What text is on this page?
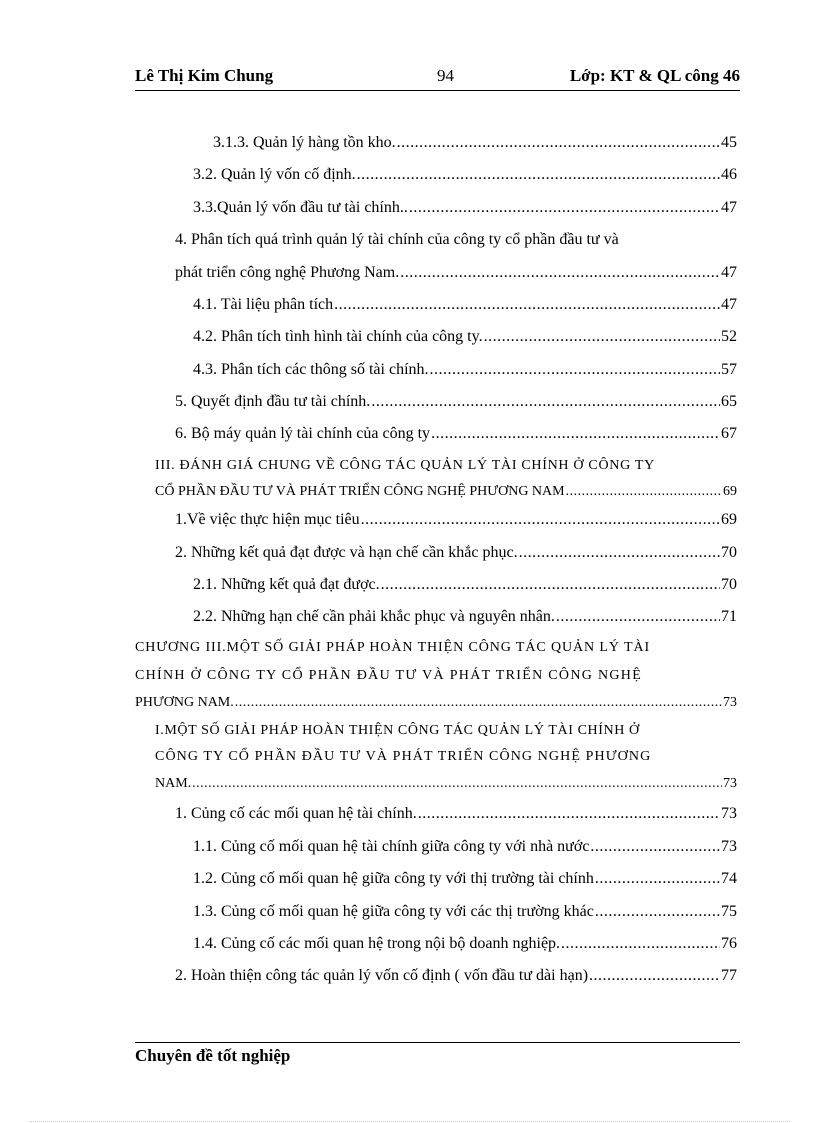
Lê Thị Kim Chung	94	Lớp: KT & QL công 46
3.1.3. Quản lý hàng tồn kho. .....	45
3.2. Quản lý vốn cố định. .....	46
3.3.Quản lý vốn đầu tư tài chính.. .....	47
4. Phân tích quá trình quản lý tài chính của công ty cổ phần đầu tư và
phát triển công nghệ Phương Nam. .....	47
4.1. Tài liệu phân tích .....	47
4.2. Phân tích tình hình tài chính của công ty. .....	52
4.3. Phân tích các thông số tài chính. .....	57
5. Quyết định đầu tư tài chính. .....	65
6. Bộ máy quản lý tài chính của công ty .....	67
III. ĐÁNH GIÁ CHUNG VỀ CÔNG TÁC QUẢN LÝ TÀI CHÍNH Ở CÔNG TY
CỔ PHẦN ĐẦU TƯ VÀ PHÁT TRIỂN CÔNG NGHỆ PHƯƠNG NAM .....	69
1.Về việc thực hiện mục tiêu .....	69
2. Những kết quả đạt được và hạn chế cần khắc phục. .....	70
2.1. Những kết quả đạt được. .....	70
2.2. Những hạn chế cần phải khắc phục và nguyên nhân. .....	71
CHƯƠNG III.MỘT SỐ GIẢI PHÁP HOÀN THIỆN CÔNG TÁC QUẢN LÝ TÀI
CHÍNH Ở CÔNG TY CỔ PHẦN ĐẦU TƯ VÀ PHÁT TRIỂN CÔNG NGHỆ
PHƯƠNG NAM. .....	73
I.MỘT SỐ GIẢI PHÁP HOÀN THIỆN CÔNG TÁC QUẢN LÝ TÀI CHÍNH Ở
CÔNG TY CỔ PHẦN ĐẦU TƯ VÀ PHÁT TRIỂN CÔNG NGHỆ PHƯƠNG
NAM. .....	73
1. Củng cố các mối quan hệ tài chính. .....	73
1.1. Củng cố mối quan hệ tài chính giữa công ty với nhà nước .....	73
1.2. Củng cố mối quan hệ giữa công ty với thị trường tài chính .....	74
1.3. Củng cố mối quan hệ giữa công ty với các thị trường khác .....	75
1.4. Củng cố các mối quan hệ trong nội bộ doanh nghiệp. .....	76
2. Hoàn thiện công tác quản lý vốn cố định ( vốn đầu tư dài hạn) .....	77
Chuyên đề tốt nghiệp
